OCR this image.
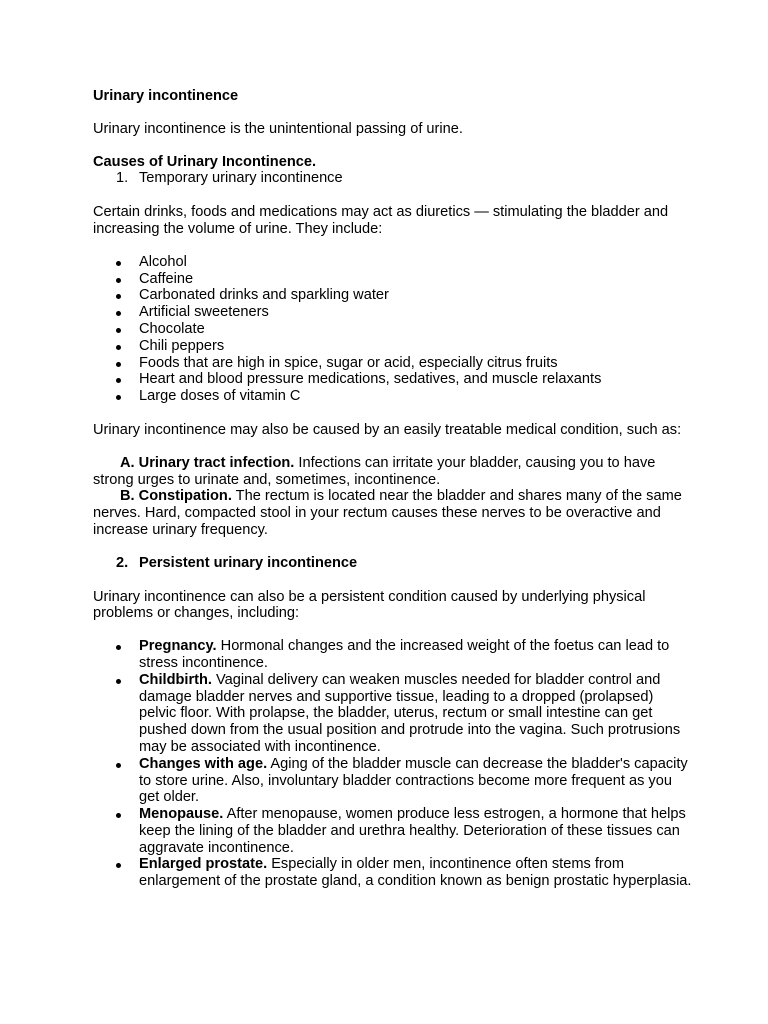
Urinary incontinence

Urinary incontinence is the unintentional passing of urine.

Causes of Urinary Incontinence.

1. Temporary urinary incontinence

Certain drinks, foods and medications may act as diuretics — stimulating the bladder and increasing the volume of urine. They include:

Alcohol
Caffeine
Carbonated drinks and sparkling water
Artificial sweeteners
Chocolate
Chili peppers
Foods that are high in spice, sugar or acid, especially citrus fruits
Heart and blood pressure medications, sedatives, and muscle relaxants
Large doses of vitamin C

Urinary incontinence may also be caused by an easily treatable medical condition, such as:

A. Urinary tract infection. Infections can irritate your bladder, causing you to have strong urges to urinate and, sometimes, incontinence.

B. Constipation. The rectum is located near the bladder and shares many of the same nerves. Hard, compacted stool in your rectum causes these nerves to be overactive and increase urinary frequency.

2. Persistent urinary incontinence

Urinary incontinence can also be a persistent condition caused by underlying physical problems or changes, including:

Pregnancy. Hormonal changes and the increased weight of the foetus can lead to stress incontinence.
Childbirth. Vaginal delivery can weaken muscles needed for bladder control and damage bladder nerves and supportive tissue, leading to a dropped (prolapsed) pelvic floor. With prolapse, the bladder, uterus, rectum or small intestine can get pushed down from the usual position and protrude into the vagina. Such protrusions may be associated with incontinence.
Changes with age. Aging of the bladder muscle can decrease the bladder's capacity to store urine. Also, involuntary bladder contractions become more frequent as you get older.
Menopause. After menopause, women produce less estrogen, a hormone that helps keep the lining of the bladder and urethra healthy. Deterioration of these tissues can aggravate incontinence.
Enlarged prostate. Especially in older men, incontinence often stems from enlargement of the prostate gland, a condition known as benign prostatic hyperplasia.
